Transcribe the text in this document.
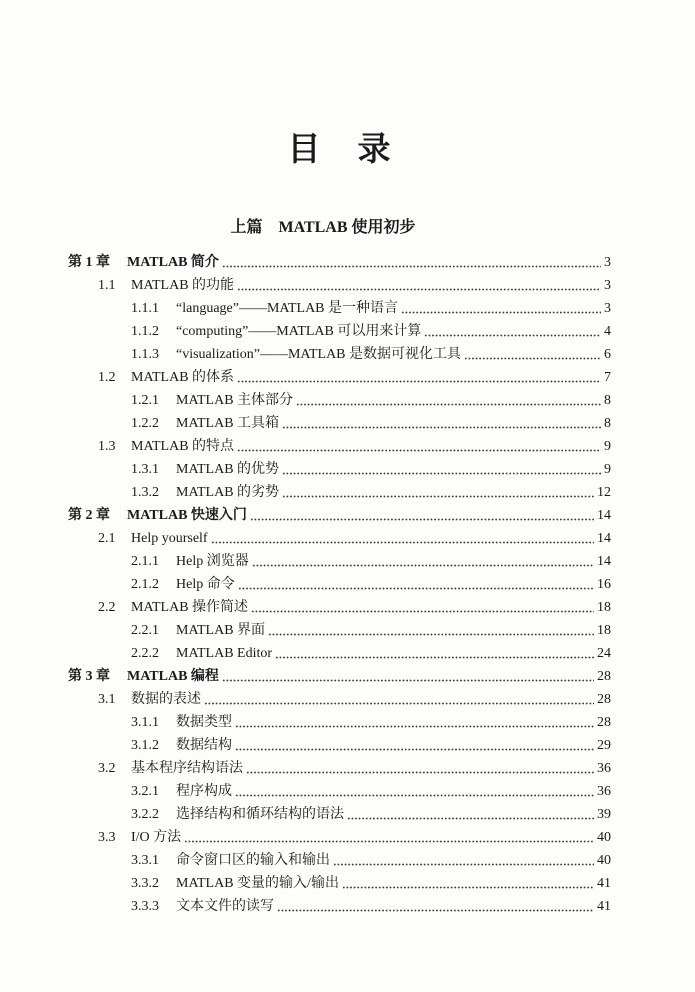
目　录
上篇　MATLAB 使用初步
第 1 章	MATLAB 简介	3
1.1	MATLAB 的功能	3
1.1.1	“language”——MATLAB 是一种语言	3
1.1.2	“computing”——MATLAB 可以用来计算	4
1.1.3	“visualization”——MATLAB 是数据可视化工具	6
1.2	MATLAB 的体系	7
1.2.1	MATLAB 主体部分	8
1.2.2	MATLAB 工具箱	8
1.3	MATLAB 的特点	9
1.3.1	MATLAB 的优势	9
1.3.2	MATLAB 的劣势	12
第 2 章	MATLAB 快速入门	14
2.1	Help yourself	14
2.1.1	Help 浏览器	14
2.1.2	Help 命令	16
2.2	MATLAB 操作简述	18
2.2.1	MATLAB 界面	18
2.2.2	MATLAB Editor	24
第 3 章	MATLAB 编程	28
3.1	数据的表述	28
3.1.1	数据类型	28
3.1.2	数据结构	29
3.2	基本程序结构语法	36
3.2.1	程序构成	36
3.2.2	选择结构和循环结构的语法	39
3.3	I/O 方法	40
3.3.1	命令窗口区的输入和输出	40
3.3.2	MATLAB 变量的输入/输出	41
3.3.3	文本文件的读写	41
